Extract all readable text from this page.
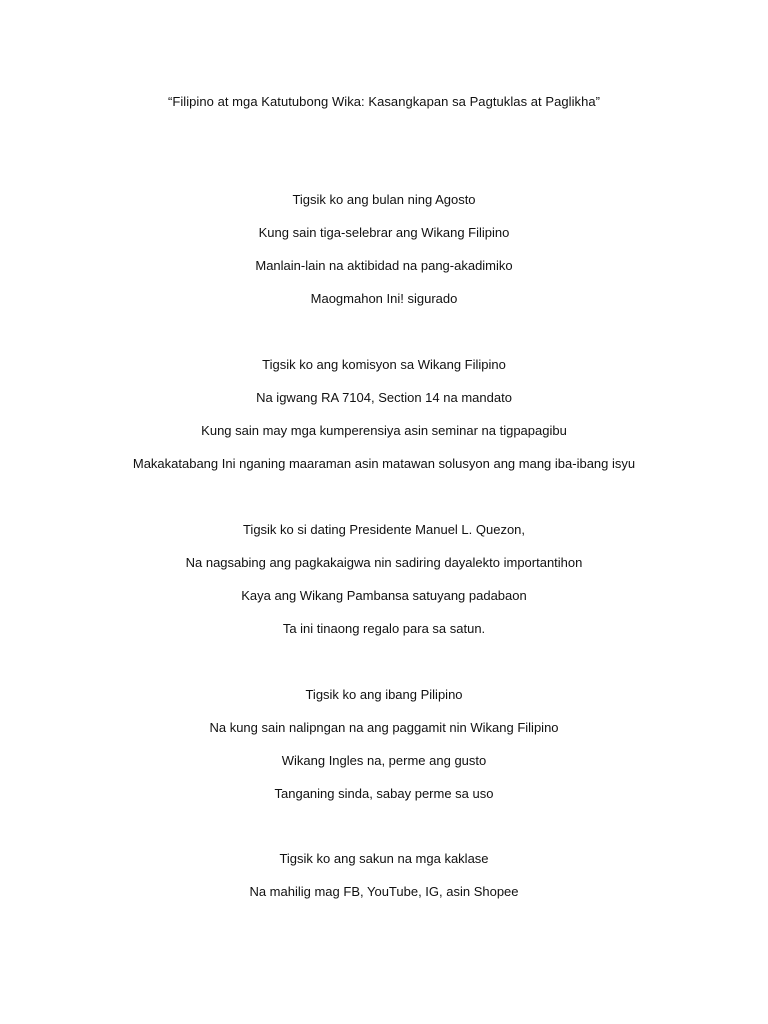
“Filipino at mga Katutubong Wika: Kasangkapan sa Pagtuklas at Paglikha”
Tigsik ko ang bulan ning Agosto
Kung sain tiga-selebrar ang Wikang Filipino
Manlain-lain na aktibidad na pang-akadimiko
Maogmahon Ini! sigurado
Tigsik ko ang komisyon sa Wikang Filipino
Na igwang RA 7104, Section 14 na mandato
Kung sain may mga kumperensiya asin seminar na tigpapagibu
Makakatabang Ini nganing maaraman asin matawan solusyon ang mang iba-ibang isyu
Tigsik ko si dating Presidente Manuel L. Quezon,
Na nagsabing ang pagkakaigwa nin sadiring dayalekto importantihon
Kaya ang Wikang Pambansa satuyang padabaon
Ta ini tinaong regalo para sa satun.
Tigsik ko ang ibang Pilipino
Na kung sain nalipngan na ang paggamit nin Wikang Filipino
Wikang Ingles na, perme ang gusto
Tanganing sinda, sabay perme sa uso
Tigsik ko ang sakun na mga kaklase
Na mahilig mag FB, YouTube, IG, asin Shopee
